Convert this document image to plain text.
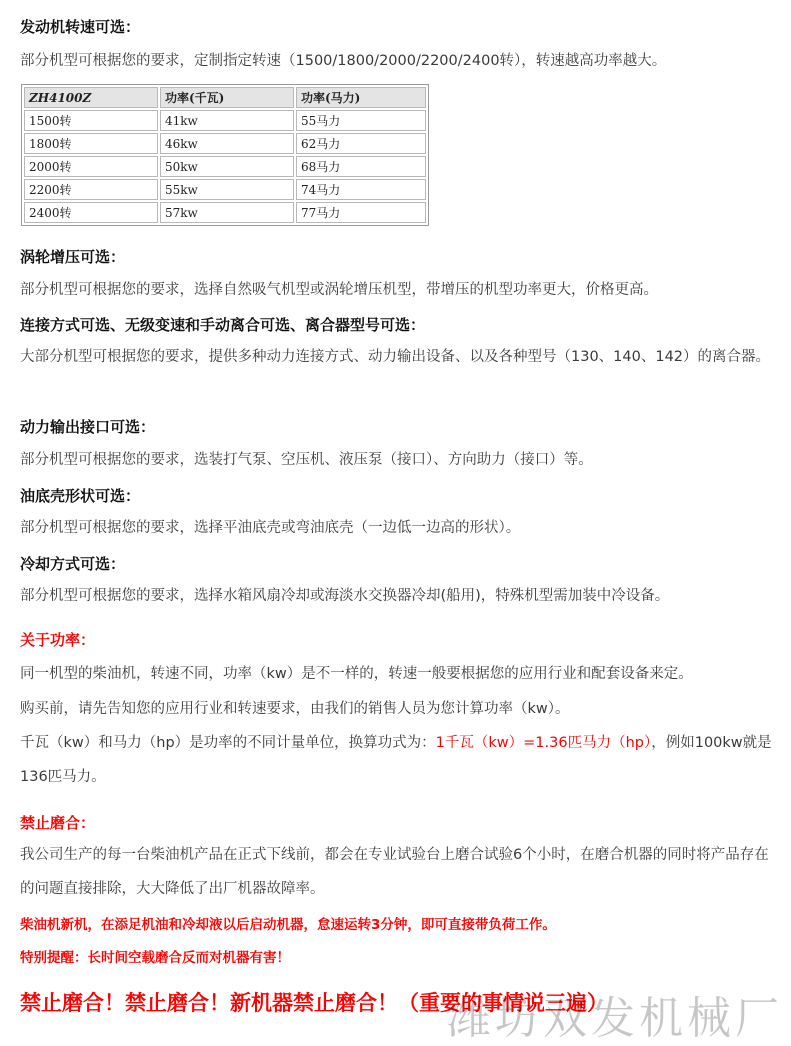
发动机转速可选：
部分机型可根据您的要求，定制指定转速（1500/1800/2000/2200/2400转），转速越高功率越大。
ZH4100Z	功率(千瓦)	功率(马力)
1500转	41kw	55马力
1800转	46kw	62马力
2000转	50kw	68马力
2200转	55kw	74马力
2400转	57kw	77马力
涡轮增压可选：
部分机型可根据您的要求，选择自然吸气机型或涡轮增压机型，带增压的机型功率更大，价格更高。
连接方式可选、无级变速和手动离合可选、离合器型号可选：
大部分机型可根据您的要求，提供多种动力连接方式、动力输出设备、以及各种型号（130、140、142）的离合器。
动力输出接口可选：
部分机型可根据您的要求，选装打气泵、空压机、液压泵（接口）、方向助力（接口）等。
油底壳形状可选：
部分机型可根据您的要求，选择平油底壳或弯油底壳（一边低一边高的形状）。
冷却方式可选：
部分机型可根据您的要求，选择水箱风扇冷却或海淡水交换器冷却(船用)，特殊机型需加装中冷设备。
关于功率：
同一机型的柴油机，转速不同，功率（kw）是不一样的，转速一般要根据您的应用行业和配套设备来定。
购买前，请先告知您的应用行业和转速要求，由我们的销售人员为您计算功率（kw）。
千瓦（kw）和马力（hp）是功率的不同计量单位，换算功式为：1千瓦（kw）=1.36匹马力（hp），例如100kw就是136匹马力。
禁止磨合：
我公司生产的每一台柴油机产品在正式下线前，都会在专业试验台上磨合试验6个小时，在磨合机器的同时将产品存在的问题直接排除，大大降低了出厂机器故障率。
柴油机新机，在添足机油和冷却液以后启动机器，怠速运转3分钟，即可直接带负荷工作。
特别提醒：长时间空载磨合反而对机器有害！
禁止磨合！禁止磨合！新机器禁止磨合！（重要的事情说三遍）
潍坊双发机械厂
